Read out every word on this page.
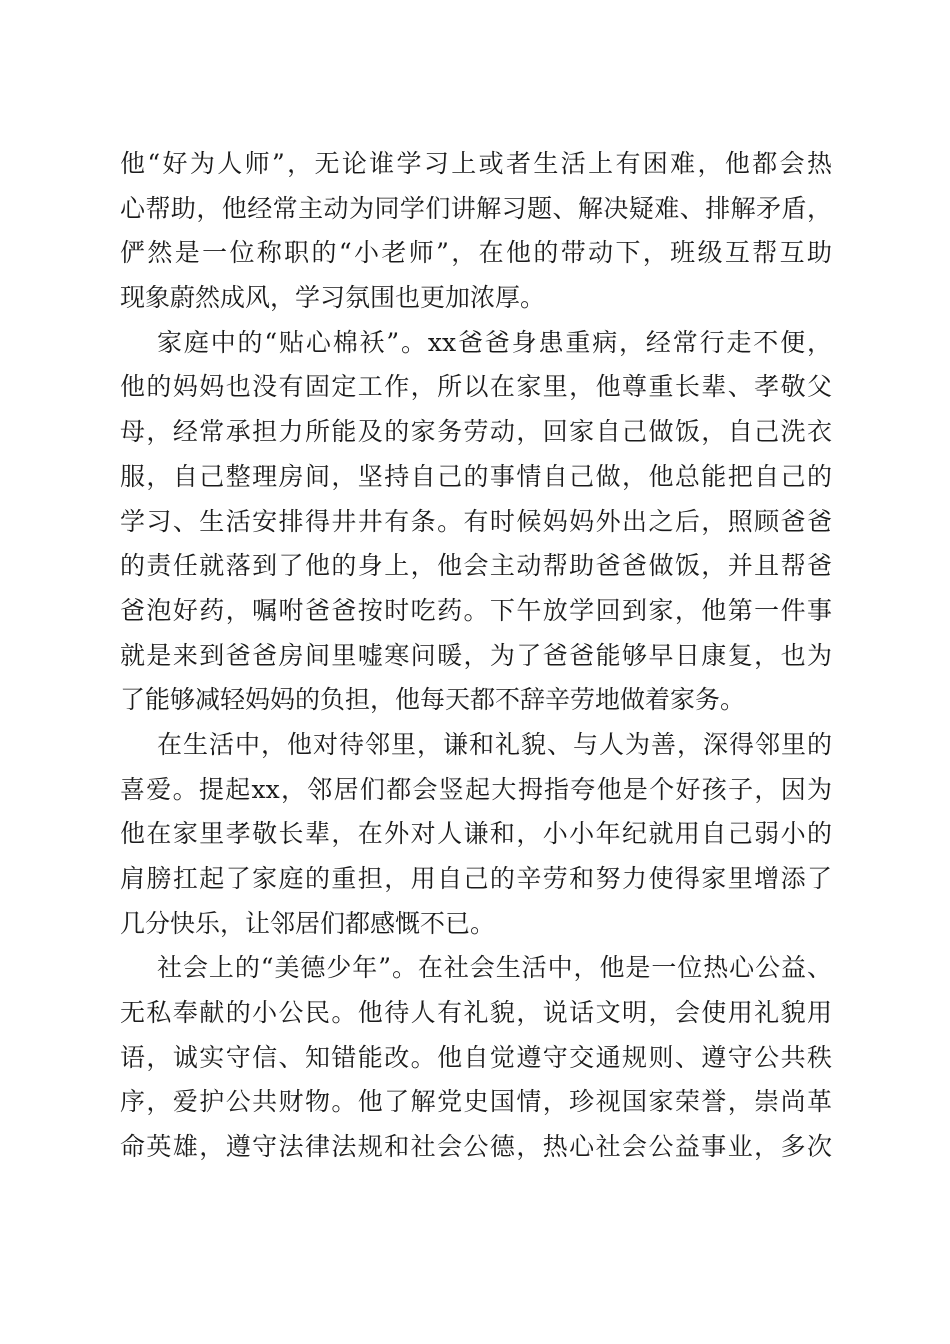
他“好为人师”，无论谁学习上或者生活上有困难，他都会热
心帮助，他经常主动为同学们讲解习题、解决疑难、排解矛盾，
俨然是一位称职的“小老师”，在他的带动下，班级互帮互助
现象蔚然成风，学习氛围也更加浓厚。
家庭中的“贴心棉袄”。xx爸爸身患重病，经常行走不便，
他的妈妈也没有固定工作，所以在家里，他尊重长辈、孝敬父
母，经常承担力所能及的家务劳动，回家自己做饭，自己洗衣
服，自己整理房间，坚持自己的事情自己做，他总能把自己的
学习、生活安排得井井有条。有时候妈妈外出之后，照顾爸爸
的责任就落到了他的身上，他会主动帮助爸爸做饭，并且帮爸
爸泡好药，嘱咐爸爸按时吃药。下午放学回到家，他第一件事
就是来到爸爸房间里嘘寒问暖，为了爸爸能够早日康复，也为
了能够减轻妈妈的负担，他每天都不辞辛劳地做着家务。
在生活中，他对待邻里，谦和礼貌、与人为善，深得邻里的
喜爱。提起xx，邻居们都会竖起大拇指夸他是个好孩子，因为
他在家里孝敬长辈，在外对人谦和，小小年纪就用自己弱小的
肩膀扛起了家庭的重担，用自己的辛劳和努力使得家里增添了
几分快乐，让邻居们都感慨不已。
社会上的“美德少年”。在社会生活中，他是一位热心公益、
无私奉献的小公民。他待人有礼貌，说话文明，会使用礼貌用
语，诚实守信、知错能改。他自觉遵守交通规则、遵守公共秩
序，爱护公共财物。他了解党史国情，珍视国家荣誉，崇尚革
命英雄，遵守法律法规和社会公德，热心社会公益事业，多次
